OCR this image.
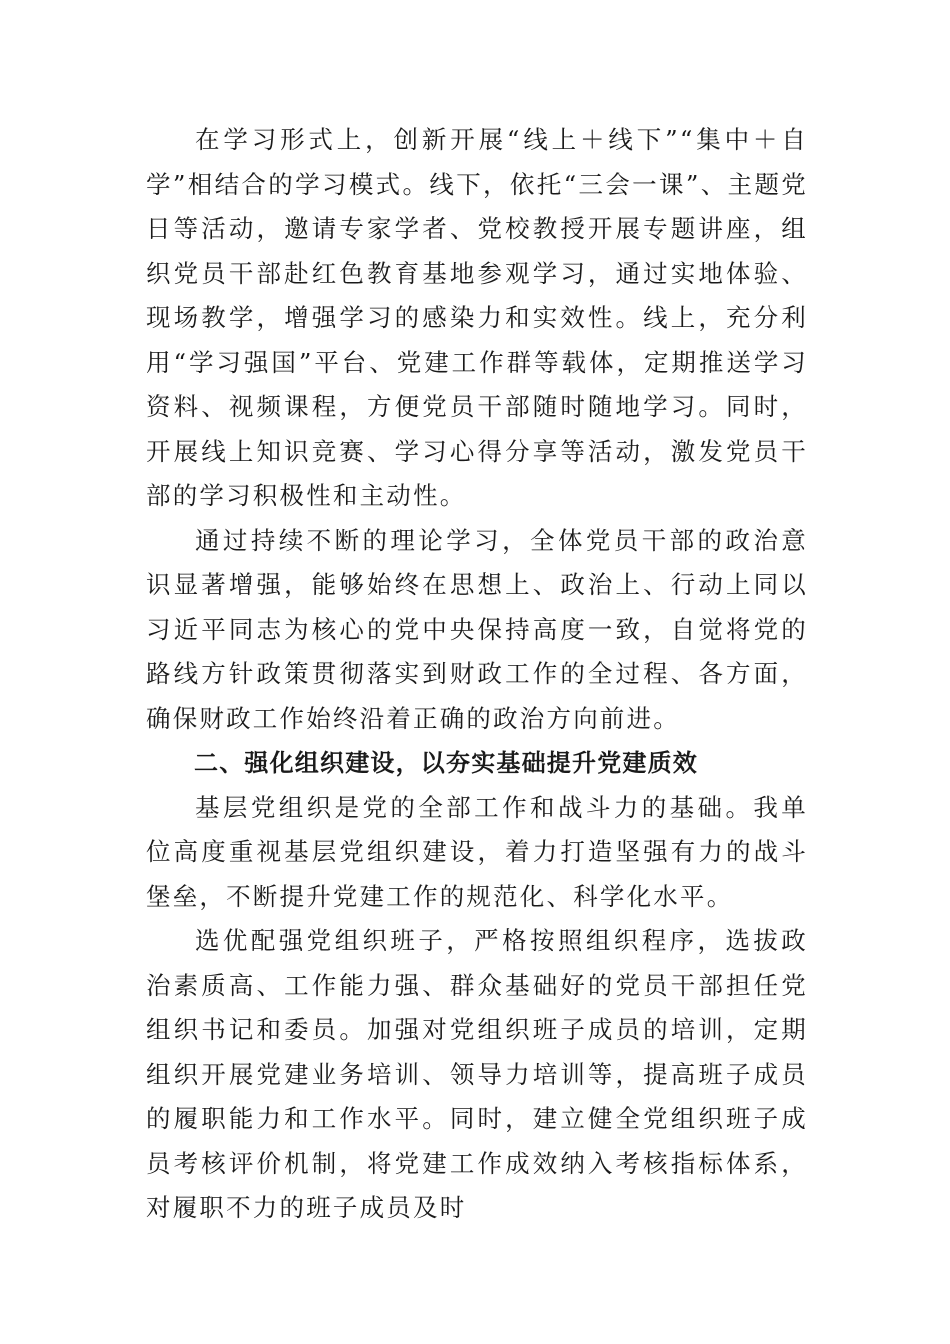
在学习形式上，创新开展“线上＋线下”“集中＋自学”相结合的学习模式。线下，依托“三会一课”、主题党日等活动，邀请专家学者、党校教授开展专题讲座，组织党员干部赴红色教育基地参观学习，通过实地体验、现场教学，增强学习的感染力和实效性。线上，充分利用“学习强国”平台、党建工作群等载体，定期推送学习资料、视频课程，方便党员干部随时随地学习。同时，开展线上知识竞赛、学习心得分享等活动，激发党员干部的学习积极性和主动性。

通过持续不断的理论学习，全体党员干部的政治意识显著增强，能够始终在思想上、政治上、行动上同以习近平同志为核心的党中央保持高度一致，自觉将党的路线方针政策贯彻落实到财政工作的全过程、各方面，确保财政工作始终沿着正确的政治方向前进。

二、强化组织建设，以夯实基础提升党建质效

基层党组织是党的全部工作和战斗力的基础。我单位高度重视基层党组织建设，着力打造坚强有力的战斗堡垒，不断提升党建工作的规范化、科学化水平。

选优配强党组织班子，严格按照组织程序，选拔政治素质高、工作能力强、群众基础好的党员干部担任党组织书记和委员。加强对党组织班子成员的培训，定期组织开展党建业务培训、领导力培训等，提高班子成员的履职能力和工作水平。同时，建立健全党组织班子成员考核评价机制，将党建工作成效纳入考核指标体系，对履职不力的班子成员及时
